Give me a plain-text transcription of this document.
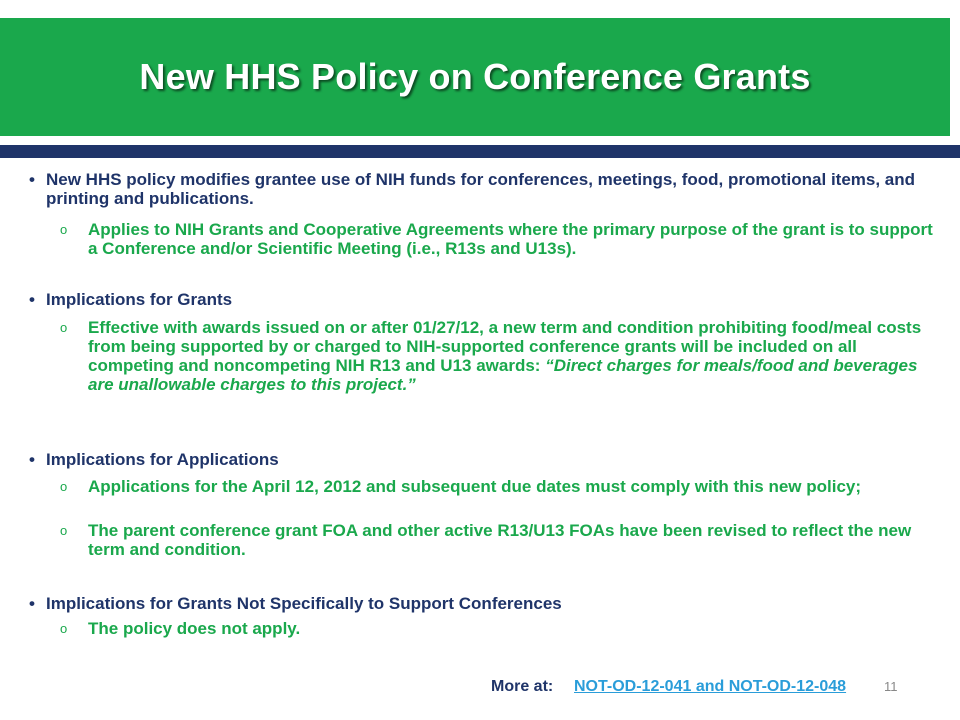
New HHS Policy on Conference Grants
• New HHS policy modifies grantee use of NIH funds for conferences, meetings, food, promotional items, and printing and publications.
o Applies to NIH Grants and Cooperative Agreements where the primary purpose of the grant is to support a Conference and/or Scientific Meeting (i.e., R13s and U13s).
• Implications for Grants
o Effective with awards issued on or after 01/27/12, a new term and condition prohibiting food/meal costs from being supported by or charged to NIH-supported conference grants will be included on all competing and noncompeting NIH R13 and U13 awards: “Direct charges for meals/food and beverages are unallowable charges to this project.”
• Implications for Applications
o Applications for the April 12, 2012 and subsequent due dates must comply with this new policy;
o The parent conference grant FOA and other active R13/U13 FOAs have been revised to reflect the new term and condition.
• Implications for Grants Not Specifically to Support Conferences
o The policy does not apply.
More at: NOT-OD-12-041 and NOT-OD-12-048	11
